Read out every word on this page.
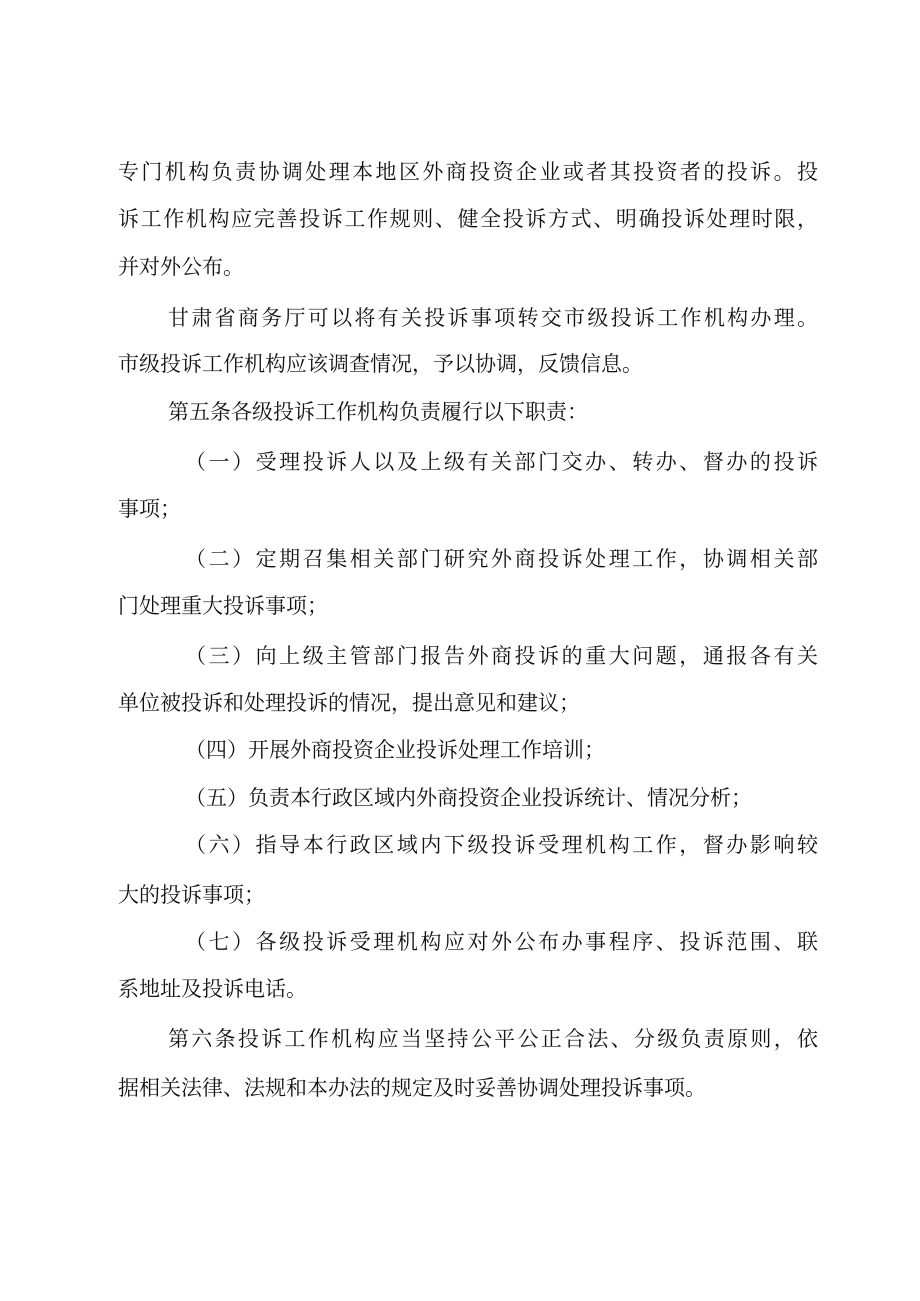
专门机构负责协调处理本地区外商投资企业或者其投资者的投诉。投
诉工作机构应完善投诉工作规则、健全投诉方式、明确投诉处理时限，
并对外公布。
甘肃省商务厅可以将有关投诉事项转交市级投诉工作机构办理。
市级投诉工作机构应该调查情况，予以协调，反馈信息。
第五条各级投诉工作机构负责履行以下职责：
（一）受理投诉人以及上级有关部门交办、转办、督办的投诉
事项；
（二）定期召集相关部门研究外商投诉处理工作，协调相关部
门处理重大投诉事项；
（三）向上级主管部门报告外商投诉的重大问题，通报各有关
单位被投诉和处理投诉的情况，提出意见和建议；
（四）开展外商投资企业投诉处理工作培训；
（五）负责本行政区域内外商投资企业投诉统计、情况分析；
（六）指导本行政区域内下级投诉受理机构工作，督办影响较
大的投诉事项；
（七）各级投诉受理机构应对外公布办事程序、投诉范围、联
系地址及投诉电话。
第六条投诉工作机构应当坚持公平公正合法、分级负责原则，依
据相关法律、法规和本办法的规定及时妥善协调处理投诉事项。
